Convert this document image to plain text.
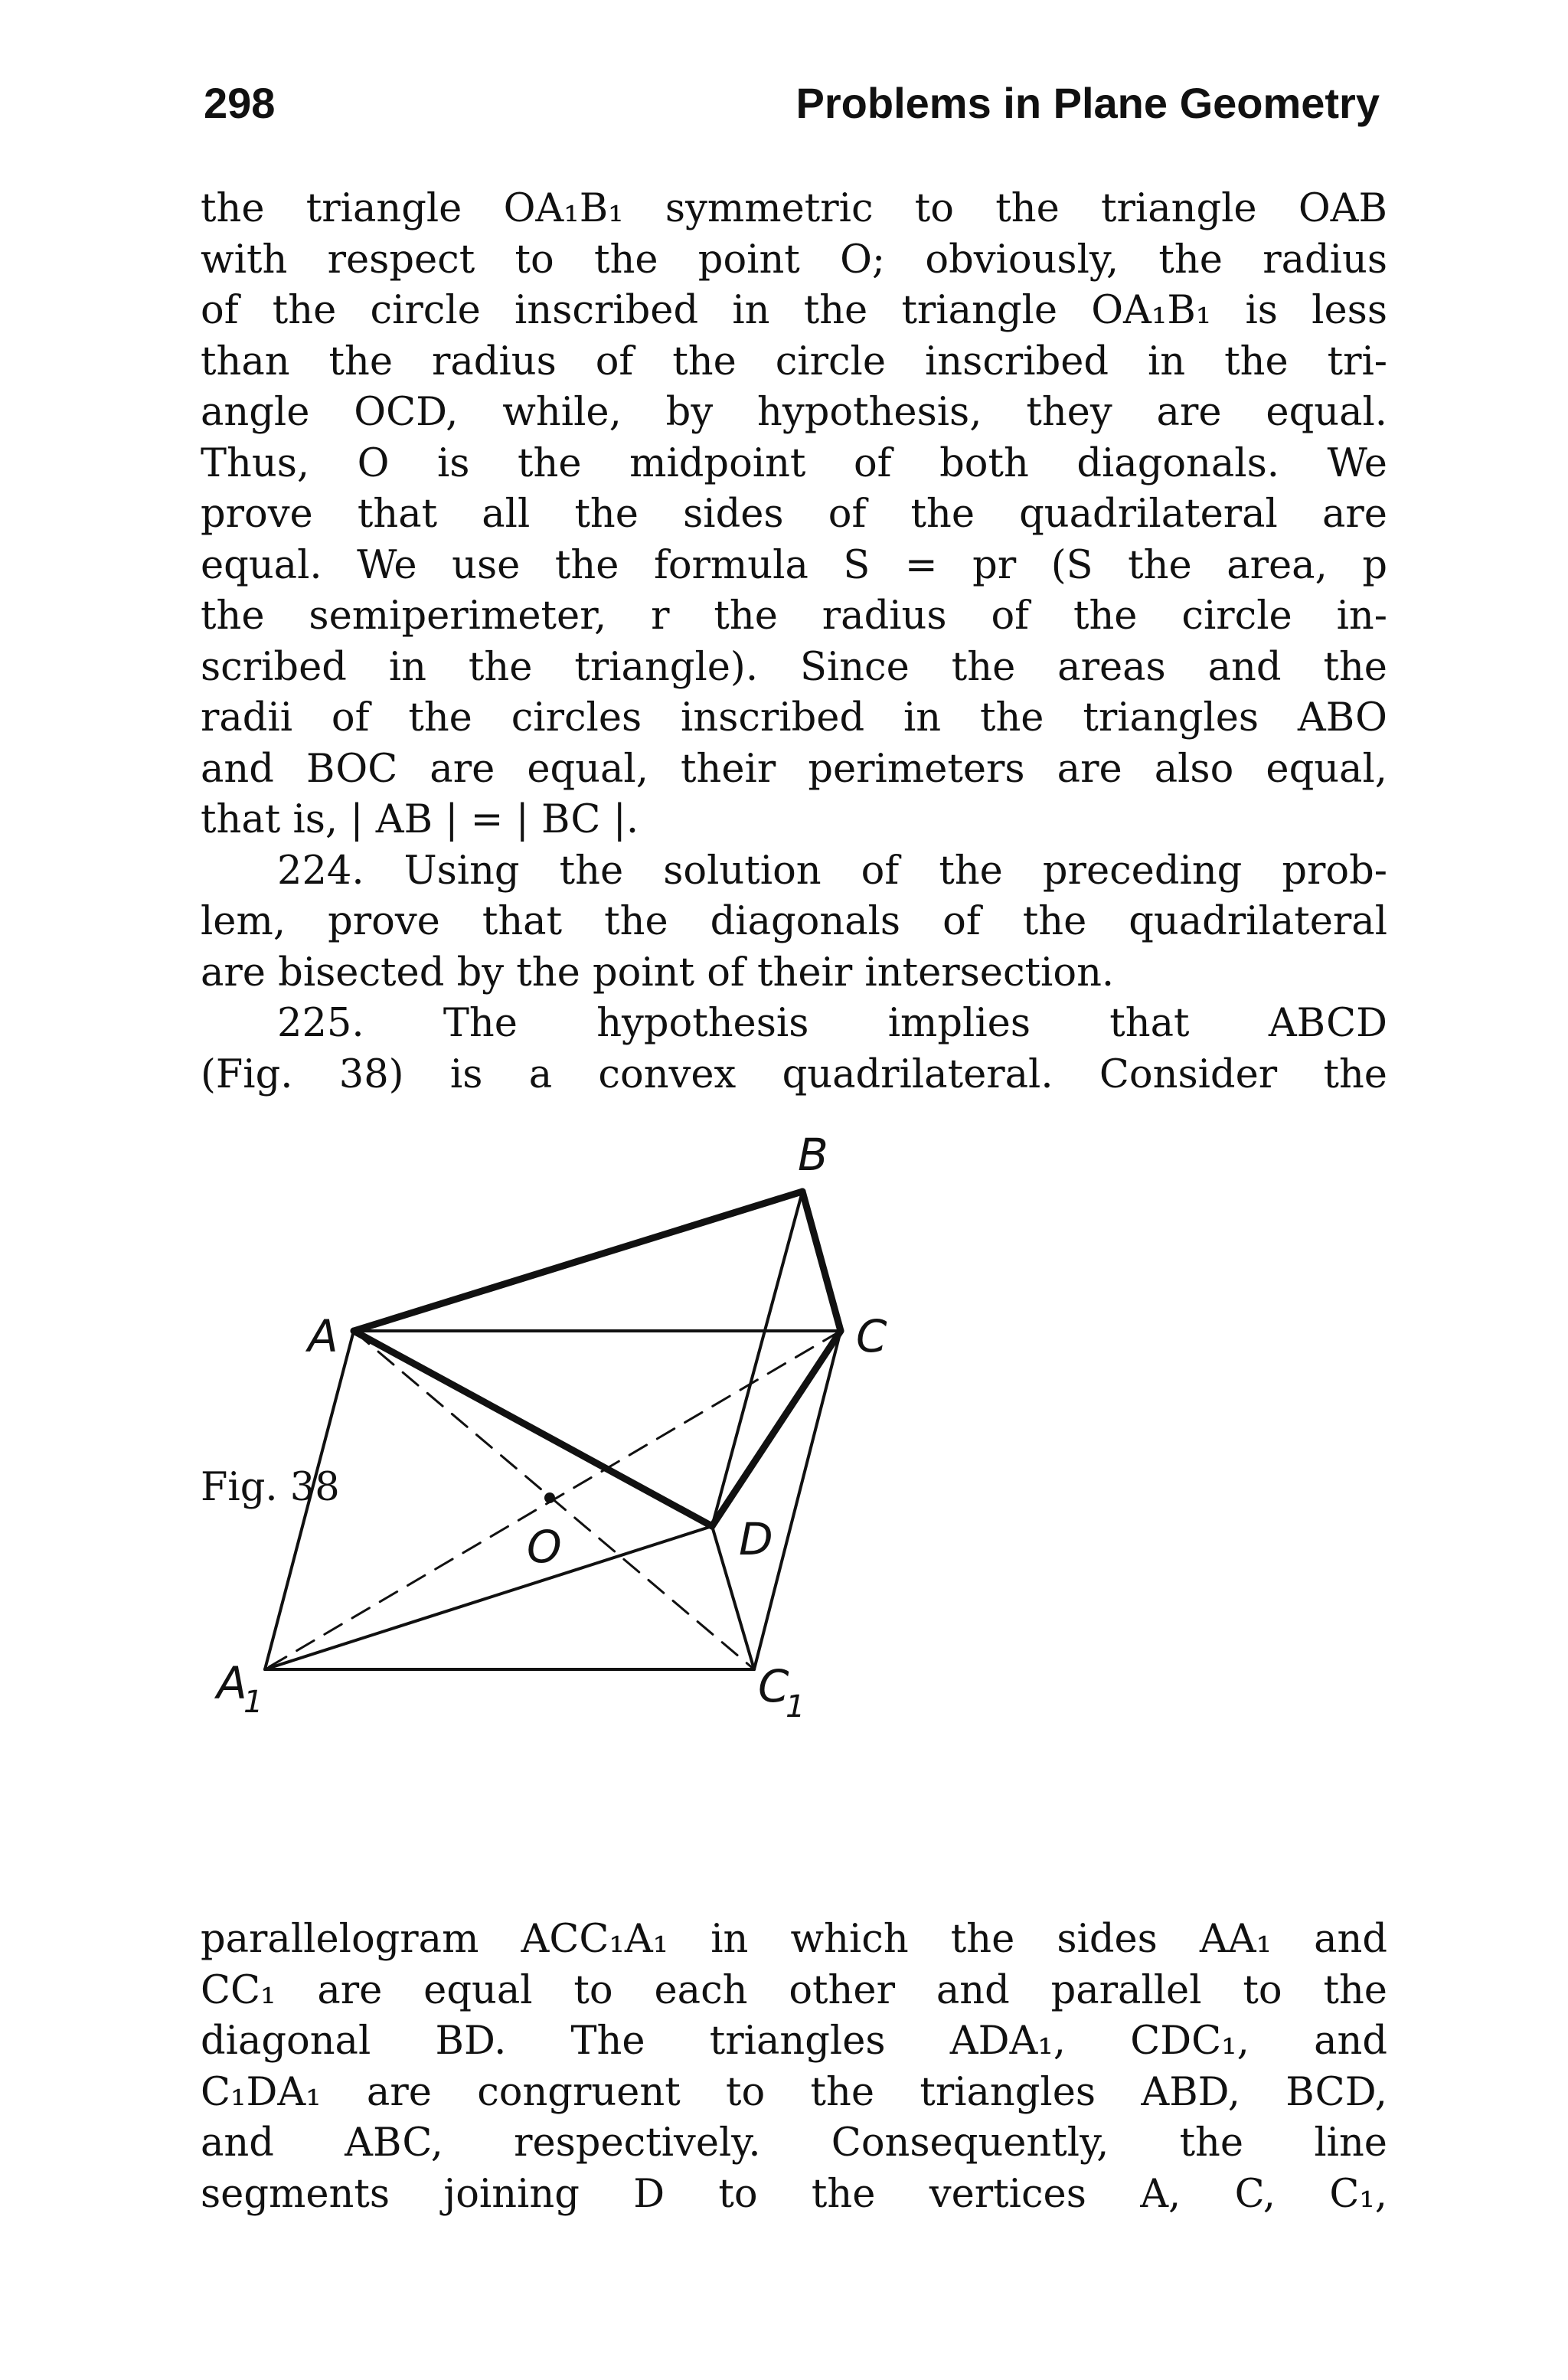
298	Problems in Plane Geometry
the triangle OA₁B₁ symmetric to the triangle OAB
with respect to the point O; obviously, the radius
of the circle inscribed in the triangle OA₁B₁ is less
than the radius of the circle inscribed in the tri-
angle OCD, while, by hypothesis, they are equal.
Thus, O is the midpoint of both diagonals. We
prove that all the sides of the quadrilateral are
equal. We use the formula S = pr (S the area, p
the semiperimeter, r the radius of the circle in-
scribed in the triangle). Since the areas and the
radii of the circles inscribed in the triangles ABO
and BOC are equal, their perimeters are also equal,
that is, | AB | = | BC |.
224. Using the solution of the preceding prob-
lem, prove that the diagonals of the quadrilateral
are bisected by the point of their intersection.
225. The hypothesis implies that ABCD
(Fig. 38) is a convex quadrilateral. Consider the
B
A	C
D
O
A
1	C
1
Fig. 38
parallelogram ACC₁A₁ in which the sides AA₁ and
CC₁ are equal to each other and parallel to the
diagonal BD. The triangles ADA₁, CDC₁, and
C₁DA₁ are congruent to the triangles ABD, BCD,
and ABC, respectively. Consequently, the line
segments joining D to the vertices A, C, C₁,
